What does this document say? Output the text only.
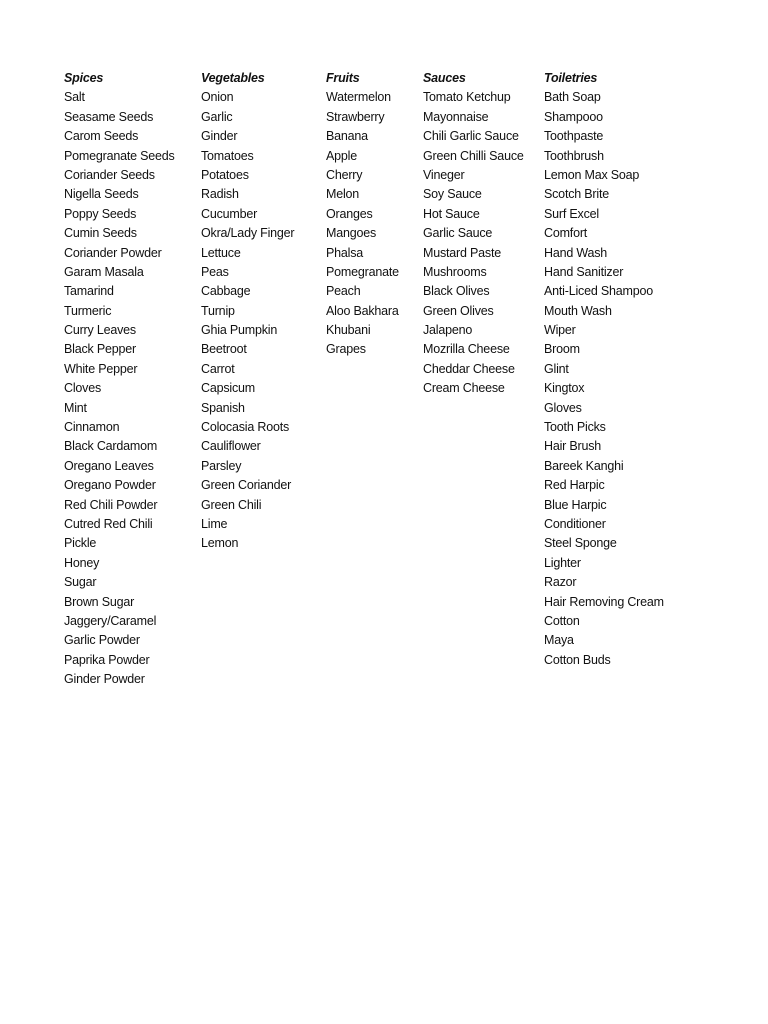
Spices
Salt
Seasame Seeds
Carom Seeds
Pomegranate Seeds
Coriander Seeds
Nigella Seeds
Poppy Seeds
Cumin Seeds
Coriander Powder
Garam Masala
Tamarind
Turmeric
Curry Leaves
Black Pepper
White Pepper
Cloves
Mint
Cinnamon
Black Cardamom
Oregano Leaves
Oregano Powder
Red Chili Powder
Cutred Red Chili
Pickle
Honey
Sugar
Brown Sugar
Jaggery/Caramel
Garlic Powder
Paprika Powder
Ginder Powder
Vegetables
Onion
Garlic
Ginder
Tomatoes
Potatoes
Radish
Cucumber
Okra/Lady Finger
Lettuce
Peas
Cabbage
Turnip
Ghia Pumpkin
Beetroot
Carrot
Capsicum
Spanish
Colocasia Roots
Cauliflower
Parsley
Green Coriander
Green Chili
Lime
Lemon
Fruits
Watermelon
Strawberry
Banana
Apple
Cherry
Melon
Oranges
Mangoes
Phalsa
Pomegranate
Peach
Aloo Bakhara
Khubani
Grapes
Sauces
Tomato Ketchup
Mayonnaise
Chili Garlic Sauce
Green Chilli Sauce
Vineger
Soy Sauce
Hot Sauce
Garlic Sauce
Mustard Paste
Mushrooms
Black Olives
Green Olives
Jalapeno
Mozrilla Cheese
Cheddar Cheese
Cream Cheese
Toiletries
Bath Soap
Shampooo
Toothpaste
Toothbrush
Lemon Max Soap
Scotch Brite
Surf Excel
Comfort
Hand Wash
Hand Sanitizer
Anti-Liced Shampoo
Mouth Wash
Wiper
Broom
Glint
Kingtox
Gloves
Tooth Picks
Hair Brush
Bareek Kanghi
Red Harpic
Blue Harpic
Conditioner
Steel Sponge
Lighter
Razor
Hair Removing Cream
Cotton
Maya
Cotton Buds
